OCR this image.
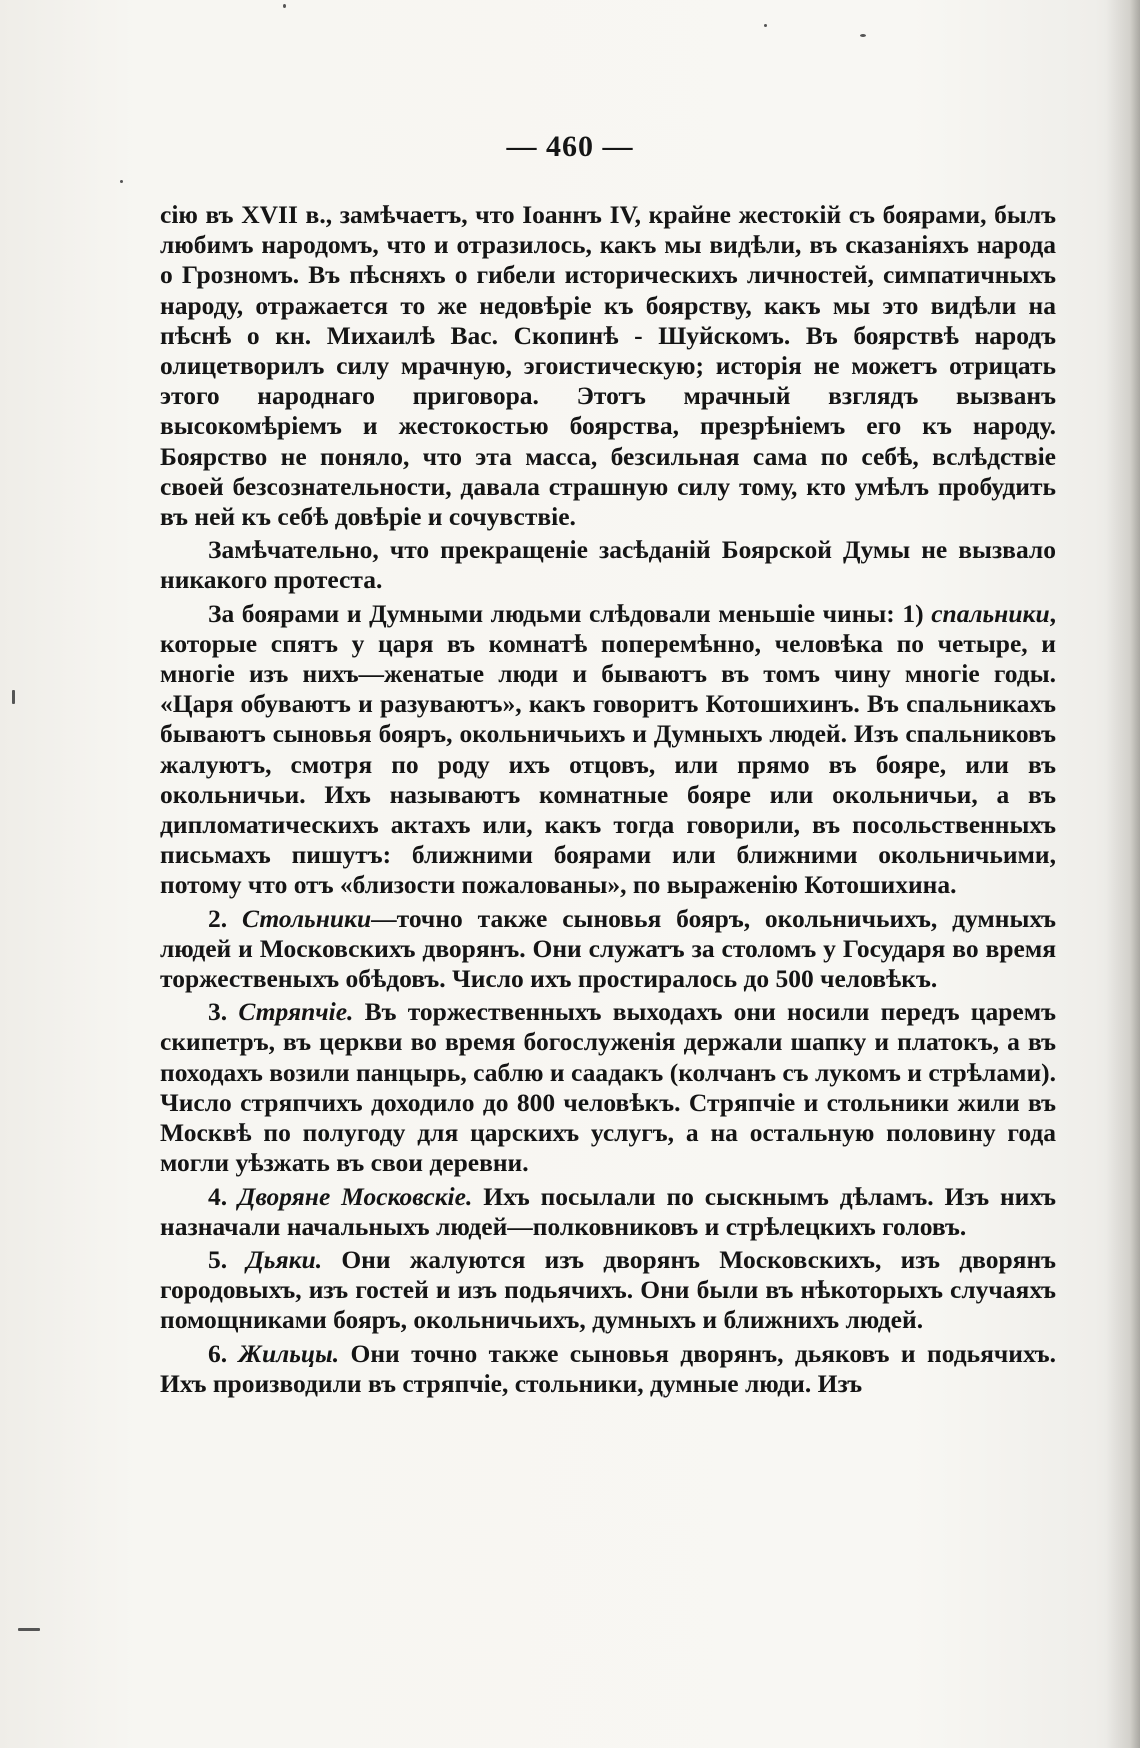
— 460 —

сію въ XVII в., замѣчаетъ, что Іоаннъ IV, крайне жестокій съ боярами, былъ любимъ народомъ, что и отразилось, какъ мы видѣли, въ сказаніяхъ народа о Грозномъ. Въ пѣсняхъ о гибели историческихъ личностей, симпатичныхъ народу, отражается то же недовѣріе къ боярству, какъ мы это видѣли на пѣснѣ о кн. Михаилѣ Вас. Скопинѣ - Шуйскомъ. Въ боярствѣ народъ олицетворилъ силу мрачную, эгоистическую; исторія не можетъ отрицать этого народнаго приговора. Этотъ мрачный взглядъ вызванъ высокомѣріемъ и жестокостью боярства, презрѣніемъ его къ народу. Боярство не поняло, что эта масса, безсильная сама по себѣ, вслѣдствіе своей безсознательности, давала страшную силу тому, кто умѣлъ пробудить въ ней къ себѣ довѣріе и сочувствіе.

Замѣчательно, что прекращеніе засѣданій Боярской Думы не вызвало никакого протеста.

За боярами и Думными людьми слѣдовали меньшіе чины: 1) спальники, которые спятъ у царя въ комнатѣ поперемѣнно, человѣка по четыре, и многіе изъ нихъ—женатые люди и бываютъ въ томъ чину многіе годы. «Царя обуваютъ и разуваютъ», какъ говоритъ Котошихинъ. Въ спальникахъ бываютъ сыновья бояръ, окольничьихъ и Думныхъ людей. Изъ спальниковъ жалуютъ, смотря по роду ихъ отцовъ, или прямо въ бояре, или въ окольничьи. Ихъ называютъ комнатные бояре или окольничьи, а въ дипломатическихъ актахъ или, какъ тогда говорили, въ посольственныхъ письмахъ пишутъ: ближними боярами или ближними окольничьими, потому что отъ «близости пожалованы», по выраженію Котошихина.

2. Стольники—точно также сыновья бояръ, окольничьихъ, думныхъ людей и Московскихъ дворянъ. Они служатъ за столомъ у Государя во время торжественыхъ обѣдовъ. Число ихъ простиралось до 500 человѣкъ.

3. Стряпчіе. Въ торжественныхъ выходахъ они носили передъ царемъ скипетръ, въ церкви во время богослуженія держали шапку и платокъ, а въ походахъ возили панцырь, саблю и саадакъ (колчанъ съ лукомъ и стрѣлами). Число стряпчихъ доходило до 800 человѣкъ. Стряпчіе и стольники жили въ Москвѣ по полугоду для царскихъ услугъ, а на остальную половину года могли уѣзжать въ свои деревни.

4. Дворяне Московскіе. Ихъ посылали по сыскнымъ дѣламъ. Изъ нихъ назначали начальныхъ людей—полковниковъ и стрѣлецкихъ головъ.

5. Дьяки. Они жалуются изъ дворянъ Московскихъ, изъ дворянъ городовыхъ, изъ гостей и изъ подьячихъ. Они были въ нѣкоторыхъ случаяхъ помощниками бояръ, окольничьихъ, думныхъ и ближнихъ людей.

6. Жильцы. Они точно также сыновья дворянъ, дьяковъ и подьячихъ. Ихъ производили въ стряпчіе, стольники, думные люди. Изъ
